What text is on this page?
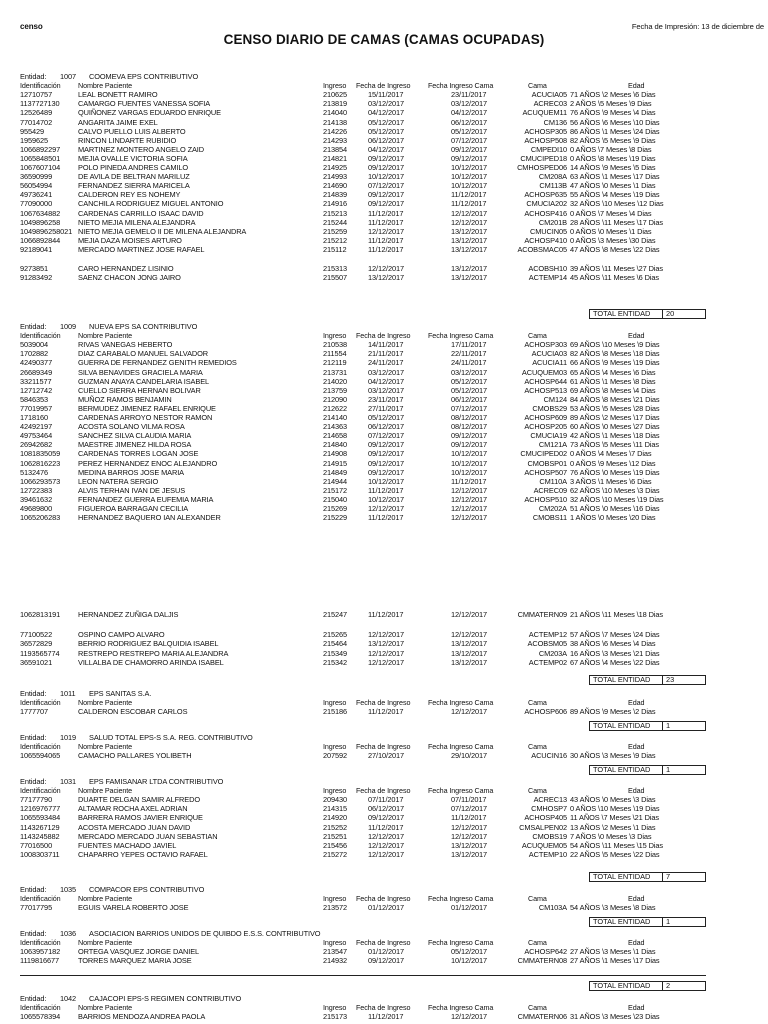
censo	Fecha de Impresión: 13 de diciembre de
CENSO DIARIO DE CAMAS (CAMAS OCUPADAS)
Entidad: 1007 COOMEVA EPS CONTRIBUTIVO
Identificación Nombre Paciente	Ingreso Fecha de Ingreso Fecha Ingreso Cama	Cama	Edad
12710757	LEAL BONETT RAMIRO	210625	15/11/2017	23/11/2017	ACUCIA05 71 AÑOS \2 Meses \6 Dias
1137727130 CAMARGO FUENTES VANESSA SOFIA	213819	03/12/2017	03/12/2017	ACREC03 2 AÑOS \5 Meses \9 Dias
12526489	QUIÑONEZ VARGAS EDUARDO ENRIQUE	214040	04/12/2017	04/12/2017	ACUQUEM11 76 AÑOS \9 Meses \4 Dias
77014702	ANGARITA JAIME EXEL	214138	05/12/2017	06/12/2017	CM136 56 AÑOS \6 Meses \10 Dias
955429	CALVO PUELLO LUIS ALBERTO	214226	05/12/2017	05/12/2017	ACHOSP305 86 AÑOS \1 Meses \24 Dias
1959625	RINCON LINDARTE RUBIDIO	214293	06/12/2017	07/12/2017	ACHOSP508 82 AÑOS \5 Meses \9 Dias
1066892297 MARTINEZ MONTERO ANGELO ZAID	213854	04/12/2017	09/12/2017	CMPEDI10 0 AÑOS \7 Meses \8 Dias
1065848501 MEJIA OVALLE VICTORIA SOFIA	214821	09/12/2017	09/12/2017	CMUCIPED18 0 AÑOS \8 Meses \19 Dias
1067607104 POLO PINEDA ANDRES CAMILO	214925	09/12/2017	10/12/2017	CMHOSPED06 14 AÑOS \9 Meses \5 Dias
36590999	DE AVILA DE BELTRAN MARILUZ	214993	10/12/2017	10/12/2017	CM208A 63 AÑOS \1 Meses \17 Dias
56054994	FERNANDEZ SIERRA MARICELA	214690	07/12/2017	10/12/2017	CM113B 47 AÑOS \0 Meses \1 Dias
49736241	CALDERON REY ES NOHEMY	214839	09/12/2017	11/12/2017	ACHOSP635 55 AÑOS \4 Meses \19 Dias
77090000	CANCHILA RODRIGUEZ MIGUEL ANTONIO	214916	09/12/2017	11/12/2017	CMUCIA202 32 AÑOS \10 Meses \12 Dias
1067634882 CARDENAS CARRILLO ISAAC DAVID	215213	11/12/2017	12/12/2017	ACHOSP416 0 AÑOS \7 Meses \4 Dias
1049896258 NIETO MEJIA MILENA ALEJANDRA	215244	11/12/2017	12/12/2017	CM201B 28 AÑOS \11 Meses \17 Dias
1049896258021 NIETO MEJIA GEMELO II DE MILENA ALEJANDRA	215259	12/12/2017	13/12/2017	CMUCIN05 0 AÑOS \0 Meses \1 Dias
1066892844 MEJIA DAZA MOISES ARTURO	215212	11/12/2017	13/12/2017	ACHOSP410 0 AÑOS \3 Meses \30 Dias
92189041	MERCADO MARTINEZ JOSE RAFAEL	215112	11/12/2017	13/12/2017	ACOBSMAC05 47 AÑOS \8 Meses \22 Dias
9273851	CARO HERNANDEZ LISINIO	215313	12/12/2017	13/12/2017	ACOBSH10 39 AÑOS \11 Meses \27 Dias
91283492	SAENZ CHACON JONG JAIRO	215507	13/12/2017	13/12/2017	ACTEMP14 45 AÑOS \11 Meses \6 Dias
TOTAL ENTIDAD	20
Entidad: 1009 NUEVA EPS SA CONTRIBUTIVO
Identificación Nombre Paciente	Ingreso Fecha de Ingreso Fecha Ingreso Cama	Cama	Edad
5039004	RIVAS VANEGAS HEBERTO	210538	14/11/2017	17/11/2017	ACHOSP303 69 AÑOS \10 Meses \9 Dias
1702882	DIAZ CARABALO MANUEL SALVADOR	211554	21/11/2017	22/11/2017	ACUCIA03 82 AÑOS \8 Meses \18 Dias
42490377	GUERRA DE FERNANDEZ GENITH REMEDIOS	212119	24/11/2017	24/11/2017	ACUCIA11 66 AÑOS \9 Meses \19 Dias
26689349	SILVA BENAVIDES GRACIELA MARIA	213731	03/12/2017	03/12/2017	ACUQUEM03 65 AÑOS \4 Meses \6 Dias
33211577	GUZMAN ANAYA CANDELARIA ISABEL	214020	04/12/2017	05/12/2017	ACHOSP644 61 AÑOS \1 Meses \8 Dias
12712742	CUELLO SIERRA HERNAN BOLIVAR	213759	03/12/2017	05/12/2017	ACHOSP513 69 AÑOS \8 Meses \4 Dias
5846353	MUÑOZ RAMOS BENJAMIN	212090	23/11/2017	06/12/2017	CM124 84 AÑOS \8 Meses \21 Dias
77019957	BERMUDEZ JIMENEZ RAFAEL ENRIQUE	212622	27/11/2017	07/12/2017	CMOBS29 53 AÑOS \5 Meses \28 Dias
1718160	CARDENAS ARROYO NESTOR RAMON	214140	05/12/2017	08/12/2017	ACHOSP609 89 AÑOS \2 Meses \17 Dias
42492197	ACOSTA SOLANO VILMA ROSA	214363	06/12/2017	08/12/2017	ACHOSP205 60 AÑOS \0 Meses \27 Dias
49753464	SANCHEZ SILVA CLAUDIA MARIA	214658	07/12/2017	09/12/2017	CMUCIA19 42 AÑOS \1 Meses \18 Dias
26942682	MAESTRE JIMENEZ HILDA ROSA	214840	09/12/2017	09/12/2017	CM121A 73 AÑOS \5 Meses \11 Dias
1081835059 CARDENAS TORRES LOGAN JOSE	214908	09/12/2017	10/12/2017	CMUCIPED02 0 AÑOS \4 Meses \7 Dias
1062816223 PEREZ HERNANDEZ ENOC ALEJANDRO	214915	09/12/2017	10/12/2017	CMOBSP01 0 AÑOS \9 Meses \12 Dias
5132476	MEDINA BARROS JOSE MARIA	214849	09/12/2017	10/12/2017	ACHOSP507 76 AÑOS \0 Meses \19 Dias
1066293573 LEON NATERA SERGIO	214944	10/12/2017	11/12/2017	CM110A 3 AÑOS \1 Meses \6 Dias
12722383	ALVIS TERHAN IVAN DE JESUS	215172	11/12/2017	12/12/2017	ACREC09 62 AÑOS \10 Meses \3 Dias
39461632	FERNANDEZ GUERRA EUFEMIA MARIA	215040	10/12/2017	12/12/2017	ACHOSP510 32 AÑOS \10 Meses \19 Dias
49689800	FIGUEROA BARRAGAN CECILIA	215269	12/12/2017	12/12/2017	CM202A 51 AÑOS \0 Meses \16 Dias
1065206283 HERNANDEZ BAQUERO IAN ALEXANDER	215229	11/12/2017	12/12/2017	CMOBS11 1 AÑOS \0 Meses \20 Dias
1062813191 HERNANDEZ ZUÑIGA DALJIS	215247	11/12/2017	12/12/2017	CMMATERN09 21 AÑOS \11 Meses \18 Dias
77100522	OSPINO CAMPO ALVARO	215265	12/12/2017	12/12/2017	ACTEMP12 57 AÑOS \7 Meses \24 Dias
36572829	BERRIO RODRIGUEZ BALQUIDIA ISABEL	215464	13/12/2017	13/12/2017	ACOBSM05 38 AÑOS \6 Meses \4 Dias
1193565774 RESTREPO RESTREPO MARIA ALEJANDRA	215349	12/12/2017	13/12/2017	CM203A 16 AÑOS \3 Meses \21 Dias
36591021	VILLALBA DE CHAMORRO ARINDA ISABEL	215342	12/12/2017	13/12/2017	ACTEMP02 67 AÑOS \4 Meses \22 Dias
TOTAL ENTIDAD	23
Entidad: 1011 EPS SANITAS S.A.
Identificación Nombre Paciente	Ingreso Fecha de Ingreso Fecha Ingreso Cama	Cama	Edad
1777707	CALDERON ESCOBAR CARLOS	215186	11/12/2017	12/12/2017	ACHOSP606 89 AÑOS \9 Meses \2 Dias
TOTAL ENTIDAD	1
Entidad: 1019 SALUD TOTAL EPS-S S.A. REG. CONTRIBUTIVO
Identificación Nombre Paciente	Ingreso Fecha de Ingreso Fecha Ingreso Cama	Cama	Edad
1065594065 CAMACHO PALLARES YOLIBETH	207592	27/10/2017	29/10/2017	ACUCIN16 30 AÑOS \3 Meses \9 Dias
TOTAL ENTIDAD	1
Entidad: 1031 EPS FAMISANAR LTDA CONTRIBUTIVO
Identificación Nombre Paciente	Ingreso Fecha de Ingreso Fecha Ingreso Cama	Cama	Edad
77177790	DUARTE DELGAN SAMIR ALFREDO	209430	07/11/2017	07/11/2017	ACREC13 43 AÑOS \0 Meses \3 Dias
1216976777 ALTAMAR ROCHA AXEL ADRIAN	214315	06/12/2017	07/12/2017	CMHOSP7 0 AÑOS \10 Meses \19 Dias
1065593484 BARRERA RAMOS JAVIER ENRIQUE	214920	09/12/2017	11/12/2017	ACHOSP405 11 AÑOS \7 Meses \21 Dias
1143267129 ACOSTA MERCADO JUAN DAVID	215252	11/12/2017	12/12/2017	CMSALPEN02 13 AÑOS \2 Meses \1 Dias
1143245882 MERCADO MERCADO JUAN SEBASTIAN	215251	12/12/2017	12/12/2017	CMOBS19 7 AÑOS \0 Meses \3 Dias
77016500	FUENTES MACHADO JAVIEL	215456	12/12/2017	13/12/2017	ACUQUEM05 54 AÑOS \11 Meses \15 Dias
1008303711 CHAPARRO YEPES OCTAVIO RAFAEL	215272	12/12/2017	13/12/2017	ACTEMP10 22 AÑOS \5 Meses \22 Dias
TOTAL ENTIDAD	7
Entidad: 1035 COMPACOR EPS CONTRIBUTIVO
Identificación Nombre Paciente	Ingreso Fecha de Ingreso Fecha Ingreso Cama	Cama	Edad
77017795	EGUIS VARELA ROBERTO JOSE	213572	01/12/2017	01/12/2017	CM103A 54 AÑOS \3 Meses \8 Dias
TOTAL ENTIDAD	1
Entidad: 1036 ASOCIACION BARRIOS UNIDOS DE QUIBDO E.S.S. CONTRIBUTIVO
Identificación Nombre Paciente	Ingreso Fecha de Ingreso Fecha Ingreso Cama	Cama	Edad
1063957182 ORTEGA VASQUEZ JORGE DANIEL	213547	01/12/2017	05/12/2017	ACHOSP642 27 AÑOS \3 Meses \1 Dias
1119816677	TORRES MARQUEZ MARIA JOSE	214932	09/12/2017	10/12/2017	CMMATERN08 27 AÑOS \1 Meses \17 Dias
Entidad: 1042 CAJACOPI EPS-S REGIMEN CONTRIBUTIVO
Identificación Nombre Paciente	Ingreso Fecha de Ingreso Fecha Ingreso Cama	Cama	Edad
1065578394 BARRIOS MENDOZA ANDREA PAOLA	215173	11/12/2017	12/12/2017	CMMATERN06 31 AÑOS \3 Meses \23 Dias
TOTAL ENTIDAD	2
